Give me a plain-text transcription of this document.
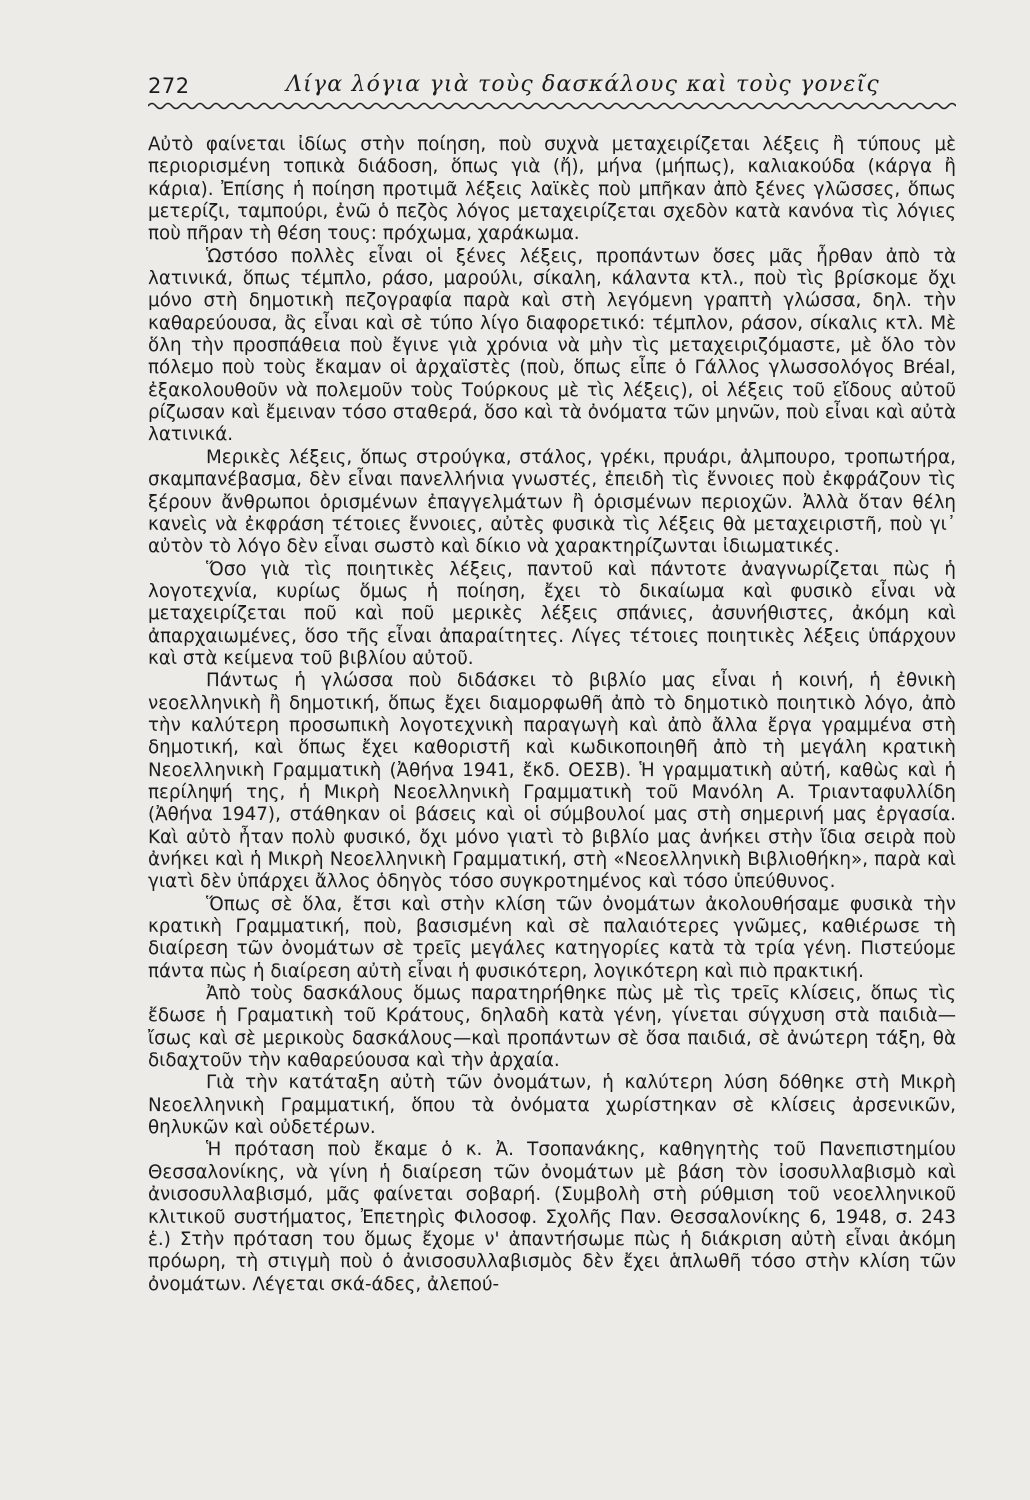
272	Λίγα λόγια γιὰ τοὺς δασκάλους καὶ τοὺς γονεῖς

Αὐτὸ φαίνεται ἰδίως στὴν ποίηση, ποὺ συχνὰ μεταχειρίζεται λέξεις ἢ τύπους μὲ περιορισμένη τοπικὰ διάδοση, ὅπως γιὰ (ἤ), μήνα (μήπως), καλιακούδα (κάργα ἢ κάρια). Ἐπίσης ἡ ποίηση προτιμᾶ λέξεις λαϊκὲς ποὺ μπῆκαν ἀπὸ ξένες γλῶσσες, ὅπως μετερίζι, ταμπούρι, ἐνῶ ὁ πεζὸς λόγος μεταχειρίζεται σχεδὸν κατὰ κανόνα τὶς λόγιες ποὺ πῆραν τὴ θέση τους: πρόχωμα, χαράκωμα.

Ὡστόσο πολλὲς εἶναι οἱ ξένες λέξεις, προπάντων ὅσες μᾶς ἦρθαν ἀπὸ τὰ λατινικά, ὅπως τέμπλο, ράσο, μαρούλι, σίκαλη, κάλαντα κτλ., ποὺ τὶς βρίσκομε ὄχι μόνο στὴ δημοτικὴ πεζογραφία παρὰ καὶ στὴ λεγόμενη γραπτὴ γλώσσα, δηλ. τὴν καθαρεύουσα, ἂς εἶναι καὶ σὲ τύπο λίγο διαφορετικό: τέμπλον, ράσον, σίκαλις κτλ. Μὲ ὅλη τὴν προσπάθεια ποὺ ἔγινε γιὰ χρόνια νὰ μὴν τὶς μεταχειριζόμαστε, μὲ ὅλο τὸν πόλεμο ποὺ τοὺς ἔκαμαν οἱ ἀρχαϊστὲς (ποὺ, ὅπως εἶπε ὁ Γάλλος γλωσσολόγος Bréal, ἐξακολουθοῦν νὰ πολεμοῦν τοὺς Τούρκους μὲ τὶς λέξεις), οἱ λέξεις τοῦ εἴδους αὐτοῦ ρίζωσαν καὶ ἔμειναν τόσο σταθερά, ὅσο καὶ τὰ ὀνόματα τῶν μηνῶν, ποὺ εἶναι καὶ αὐτὰ λατινικά.

Μερικὲς λέξεις, ὅπως στρούγκα, στάλος, γρέκι, πρυάρι, ἀλμπουρο, τροπωτήρα, σκαμπανέβασμα, δὲν εἶναι πανελλήνια γνωστές, ἐπειδὴ τὶς ἔννοιες ποὺ ἐκφράζουν τὶς ξέρουν ἄνθρωποι ὁρισμένων ἐπαγγελμάτων ἢ ὁρισμένων περιοχῶν. Ἀλλὰ ὅταν θέλη κανεὶς νὰ ἐκφράση τέτοιες ἔννοιες, αὐτὲς φυσικὰ τὶς λέξεις θὰ μεταχειριστῆ, ποὺ γι᾿ αὐτὸν τὸ λόγο δὲν εἶναι σωστὸ καὶ δίκιο νὰ χαρακτηρίζωνται ἰδιωματικές.

Ὅσο γιὰ τὶς ποιητικὲς λέξεις, παντοῦ καὶ πάντοτε ἀναγνωρίζεται πὼς ἡ λογοτεχνία, κυρίως ὅμως ἡ ποίηση, ἔχει τὸ δικαίωμα καὶ φυσικὸ εἶναι νὰ μεταχειρίζεται ποῦ καὶ ποῦ μερικὲς λέξεις σπάνιες, ἀσυνήθιστες, ἀκόμη καὶ ἀπαρχαιωμένες, ὅσο τῆς εἶναι ἀπαραίτητες. Λίγες τέτοιες ποιητικὲς λέξεις ὑπάρχουν καὶ στὰ κείμενα τοῦ βιβλίου αὐτοῦ.

Πάντως ἡ γλώσσα ποὺ διδάσκει τὸ βιβλίο μας εἶναι ἡ κοινή, ἡ ἐθνικὴ νεοελληνικὴ ἢ δημοτική, ὅπως ἔχει διαμορφωθῆ ἀπὸ τὸ δημοτικὸ ποιητικὸ λόγο, ἀπὸ τὴν καλύτερη προσωπικὴ λογοτεχνικὴ παραγωγὴ καὶ ἀπὸ ἄλλα ἔργα γραμμένα στὴ δημοτική, καὶ ὅπως ἔχει καθοριστῆ καὶ κωδικοποιηθῆ ἀπὸ τὴ μεγάλη κρατικὴ Νεοελληνικὴ Γραμματικὴ (Ἀθήνα 1941, ἔκδ. ΟΕΣΒ). Ἡ γραμματικὴ αὐτή, καθὼς καὶ ἡ περίληψή της, ἡ Μικρὴ Νεοελληνικὴ Γραμματικὴ τοῦ Μανόλη Α. Τριανταφυλλίδη (Ἀθήνα 1947), στάθηκαν οἱ βάσεις καὶ οἱ σύμβουλοί μας στὴ σημερινή μας ἐργασία. Καὶ αὐτὸ ἦταν πολὺ φυσικό, ὄχι μόνο γιατὶ τὸ βιβλίο μας ἀνήκει στὴν ἴδια σειρὰ ποὺ ἀνήκει καὶ ἡ Μικρὴ Νεοελληνικὴ Γραμματική, στὴ «Νεοελληνικὴ Βιβλιοθήκη», παρὰ καὶ γιατὶ δὲν ὑπάρχει ἄλλος ὁδηγὸς τόσο συγκροτημένος καὶ τόσο ὑπεύθυνος.

Ὅπως σὲ ὅλα, ἔτσι καὶ στὴν κλίση τῶν ὀνομάτων ἀκολουθήσαμε φυσικὰ τὴν κρατικὴ Γραμματική, ποὺ, βασισμένη καὶ σὲ παλαιότερες γνῶμες, καθιέρωσε τὴ διαίρεση τῶν ὀνομάτων σὲ τρεῖς μεγάλες κατηγορίες κατὰ τὰ τρία γένη. Πιστεύομε πάντα πὼς ἡ διαίρεση αὐτὴ εἶναι ἡ φυσικότερη, λογικότερη καὶ πιὸ πρακτική.

Ἀπὸ τοὺς δασκάλους ὅμως παρατηρήθηκε πὼς μὲ τὶς τρεῖς κλίσεις, ὅπως τὶς ἔδωσε ἡ Γραματικὴ τοῦ Κράτους, δηλαδὴ κατὰ γένη, γίνεται σύγχυση στὰ παιδιὰ—ἴσως καὶ σὲ μερικοὺς δασκάλους—καὶ προπάντων σὲ ὅσα παιδιά, σὲ ἀνώτερη τάξη, θὰ διδαχτοῦν τὴν καθαρεύουσα καὶ τὴν ἀρχαία.

Γιὰ τὴν κατάταξη αὐτὴ τῶν ὀνομάτων, ἡ καλύτερη λύση δόθηκε στὴ Μικρὴ Νεοελληνικὴ Γραμματική, ὅπου τὰ ὀνόματα χωρίστηκαν σὲ κλίσεις ἀρσενικῶν, θηλυκῶν καὶ οὐδετέρων.

Ἡ πρόταση ποὺ ἔκαμε ὁ κ. Ἀ. Τσοπανάκης, καθηγητὴς τοῦ Πανεπιστημίου Θεσσαλονίκης, νὰ γίνη ἡ διαίρεση τῶν ὀνομάτων μὲ βάση τὸν ἰσοσυλλαβισμὸ καὶ ἀνισοσυλλαβισμό, μᾶς φαίνεται σοβαρή. (Συμβολὴ στὴ ρύθμιση τοῦ νεοελληνικοῦ κλιτικοῦ συστήματος, Ἐπετηρὶς Φιλοσοφ. Σχολῆς Παν. Θεσσαλονίκης 6, 1948, σ. 243 ἑ.) Στὴν πρόταση του ὅμως ἔχομε ν' ἀπαντήσωμε πὼς ἡ διάκριση αὐτὴ εἶναι ἀκόμη πρόωρη, τὴ στιγμὴ ποὺ ὁ ἀνισοσυλλαβισμὸς δὲν ἔχει ἁπλωθῆ τόσο στὴν κλίση τῶν ὀνομάτων. Λέγεται σκά-άδες, ἀλεπού-
